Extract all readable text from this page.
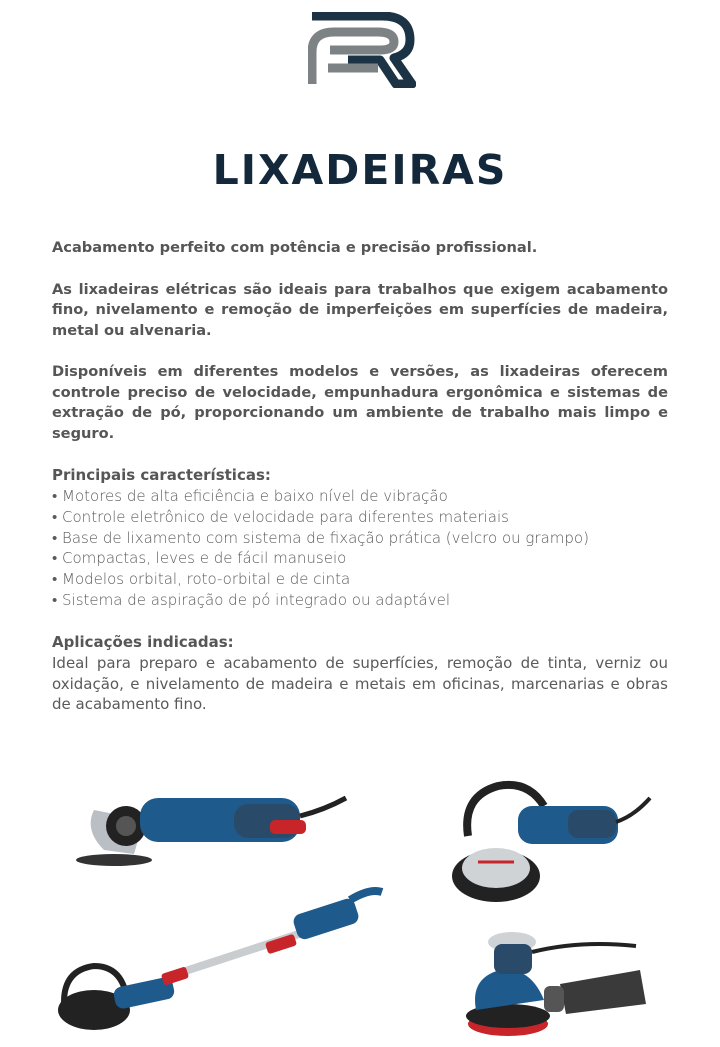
LIXADEIRAS

Acabamento perfeito com potência e precisão profissional.

As lixadeiras elétricas são ideais para trabalhos que exigem acabamento fino, nivelamento e remoção de imperfeições em superfícies de madeira, metal ou alvenaria.

Disponíveis em diferentes modelos e versões, as lixadeiras oferecem controle preciso de velocidade, empunhadura ergonômica e sistemas de extração de pó, proporcionando um ambiente de trabalho mais limpo e seguro.

Principais características:

• Motores de alta eficiência e baixo nível de vibração
• Controle eletrônico de velocidade para diferentes materiais
• Base de lixamento com sistema de fixação prática (velcro ou grampo)
• Compactas, leves e de fácil manuseio
• Modelos orbital, roto-orbital e de cinta
• Sistema de aspiração de pó integrado ou adaptável

Aplicações indicadas:

Ideal para preparo e acabamento de superfícies, remoção de tinta, verniz ou oxidação, e nivelamento de madeira e metais em oficinas, marcenarias e obras de acabamento fino.
